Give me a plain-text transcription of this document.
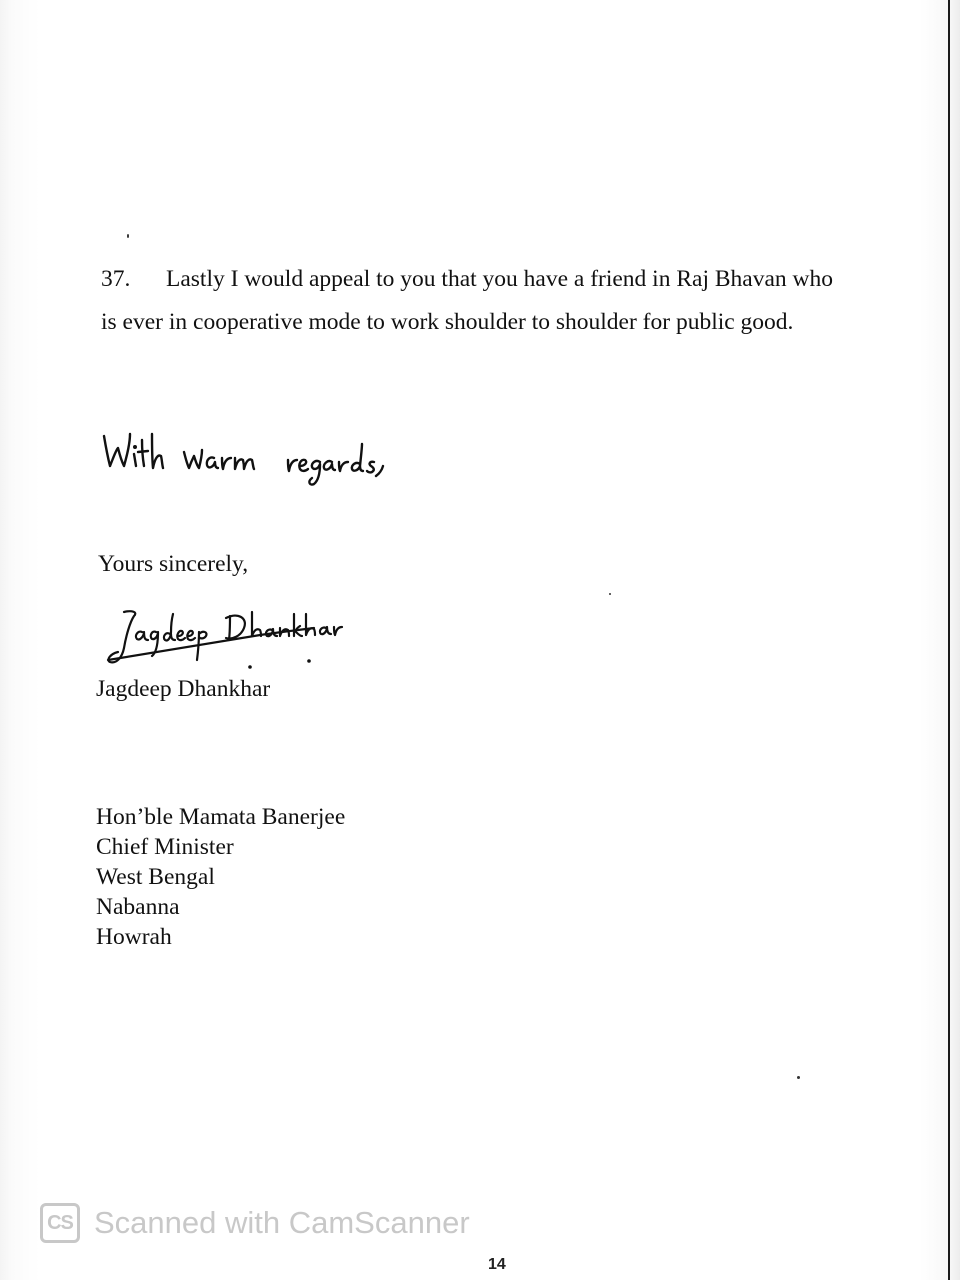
37. Lastly I would appeal to you that you have a friend in Raj Bhavan who
is ever in cooperative mode to work shoulder to shoulder for public good.

Yours sincerely,

Jagdeep Dhankhar

Hon’ble Mamata Banerjee
Chief Minister
West Bengal
Nabanna
Howrah
CS Scanned with CamScanner

14
